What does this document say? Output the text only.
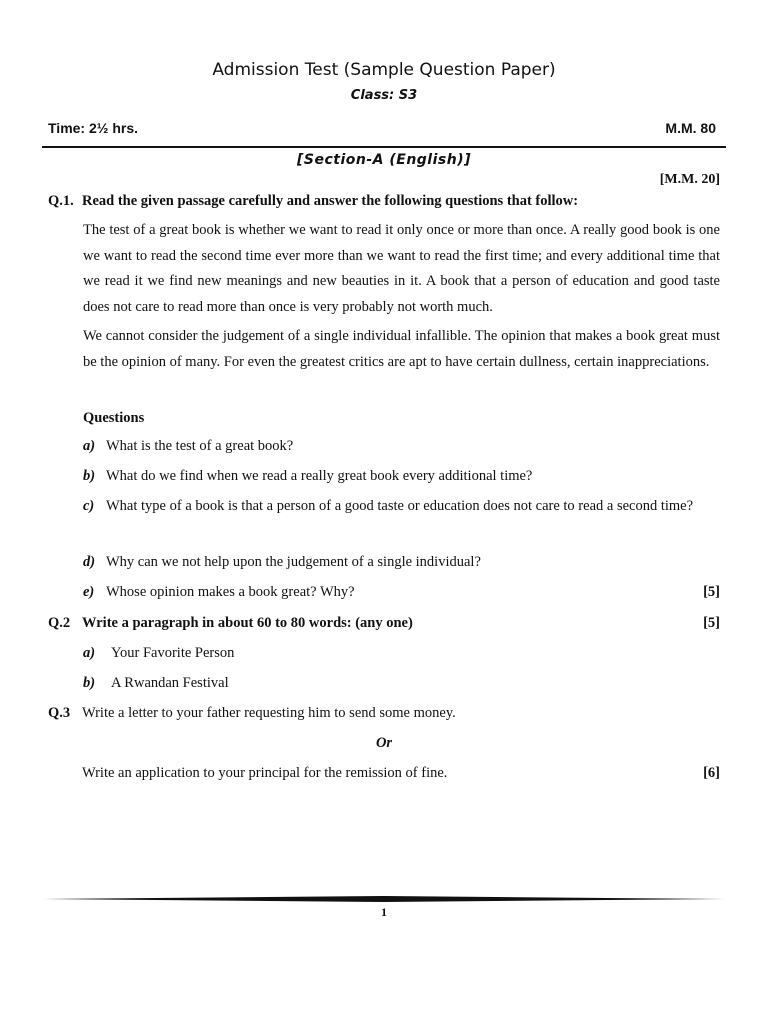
Admission Test (Sample Question Paper)
Class: S3
Time: 2½ hrs.	M.M. 80
[Section-A (English)]
[M.M. 20]
Q.1. Read the given passage carefully and answer the following questions that follow:
The test of a great book is whether we want to read it only once or more than once. A really good book is one we want to read the second time ever more than we want to read the first time; and every additional time that we read it we find new meanings and new beauties in it. A book that a person of education and good taste does not care to read more than once is very probably not worth much.
We cannot consider the judgement of a single individual infallible. The opinion that makes a book great must be the opinion of many. For even the greatest critics are apt to have certain dullness, certain inappreciations.
Questions
a) What is the test of a great book?
b) What do we find when we read a really great book every additional time?
c) What type of a book is that a person of a good taste or education does not care to read a second time?
d) Why can we not help upon the judgement of a single individual?
e) Whose opinion makes a book great? Why?	[5]
Q.2 Write a paragraph in about 60 to 80 words: (any one)	[5]
a) Your Favorite Person
b) A Rwandan Festival
Q.3 Write a letter to your father requesting him to send some money.
Or
Write an application to your principal for the remission of fine.	[6]
1
